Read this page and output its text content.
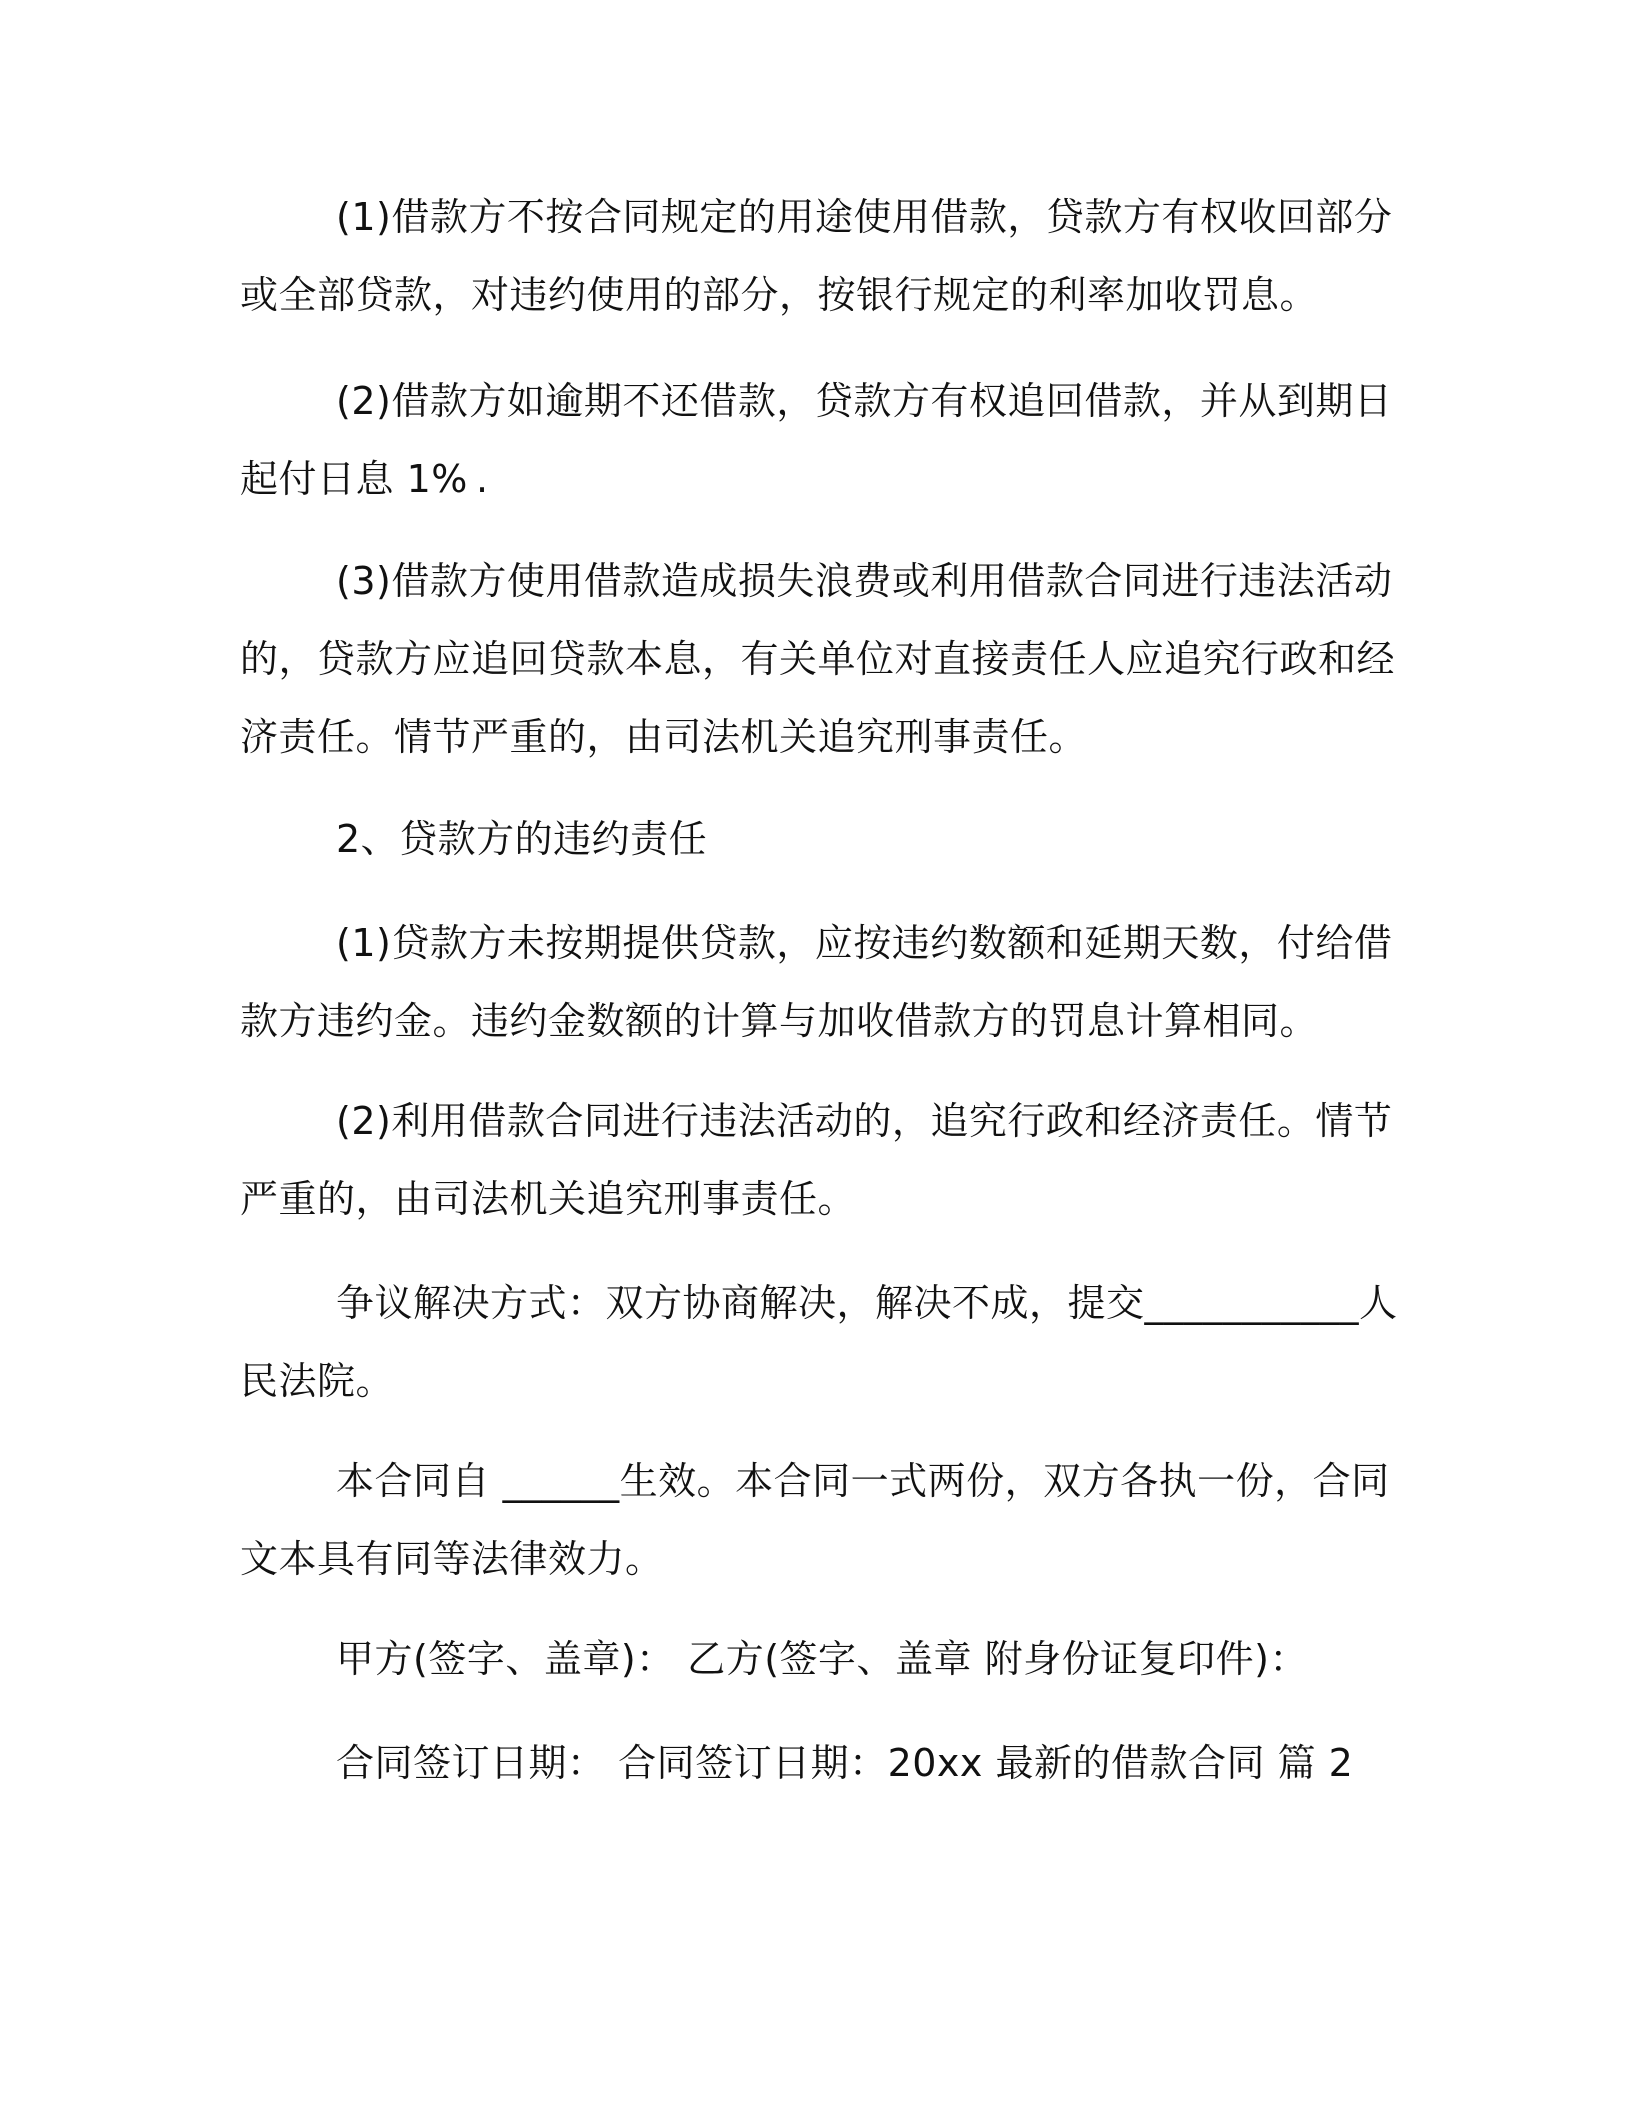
(1)借款方不按合同规定的用途使用借款，贷款方有权收回部分
或全部贷款，对违约使用的部分，按银行规定的利率加收罚息。
(2)借款方如逾期不还借款，贷款方有权追回借款，并从到期日
起付日息 1% .
(3)借款方使用借款造成损失浪费或利用借款合同进行违法活动
的，贷款方应追回贷款本息，有关单位对直接责任人应追究行政和经
济责任。情节严重的，由司法机关追究刑事责任。
2、贷款方的违约责任
(1)贷款方未按期提供贷款，应按违约数额和延期天数，付给借
款方违约金。违约金数额的计算与加收借款方的罚息计算相同。
(2)利用借款合同进行违法活动的，追究行政和经济责任。情节
严重的，由司法机关追究刑事责任。
争议解决方式：双方协商解决，解决不成，提交___________人
民法院。
本合同自 ______生效。本合同一式两份，双方各执一份，合同
文本具有同等法律效力。
甲方(签字、盖章)： 乙方(签字、盖章 附身份证复印件)：
合同签订日期： 合同签订日期：20xx 最新的借款合同 篇 2
